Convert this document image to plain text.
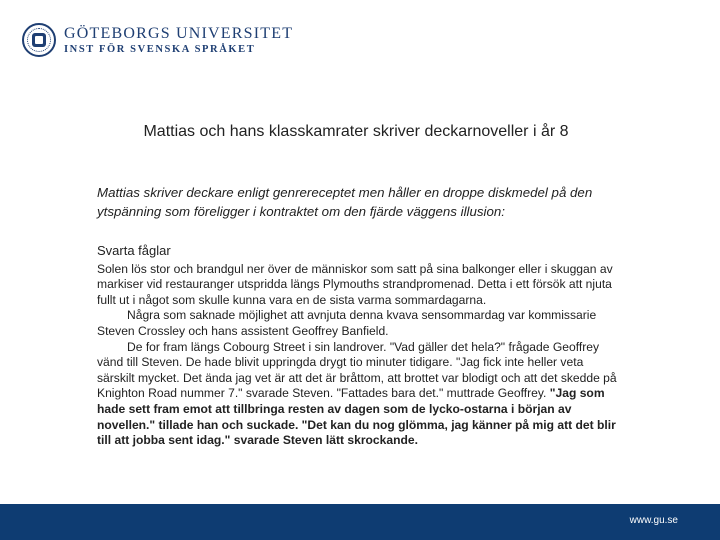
GÖTEBORGS UNIVERSITET
INST FÖR SVENSKA SPRÅKET
Mattias och hans klasskamrater skriver deckarnoveller i år 8

Mattias skriver deckare enligt genrereceptet men håller en droppe diskmedel på den ytspänning som föreligger i kontraktet om den fjärde väggens illusion:

Svarta fåglar

Solen lös stor och brandgul ner över de människor som satt på sina balkonger eller i skuggan av markiser vid restauranger utspridda längs Plymouths strandpromenad. Detta i ett försök att njuta fullt ut i något som skulle kunna vara en de sista varma sommardagarna.

Några som saknade möjlighet att avnjuta denna kvava sensommardag var kommissarie Steven Crossley och hans assistent Geoffrey Banfield.

De for fram längs Cobourg Street i sin landrover. "Vad gäller det hela?" frågade Geoffrey vänd till Steven. De hade blivit uppringda drygt tio minuter tidigare. "Jag fick inte heller veta särskilt mycket. Det ända jag vet är att det är bråttom, att brottet var blodigt och att det skedde på Knighton Road nummer 7." svarade Steven. "Fattades bara det." muttrade Geoffrey. "Jag som hade sett fram emot att tillbringa resten av dagen som de lycko-ostarna i början av novellen." tillade han och suckade. "Det kan du nog glömma, jag känner på mig att det blir till att jobba sent idag." svarade Steven lätt skrockande.

www.gu.se
